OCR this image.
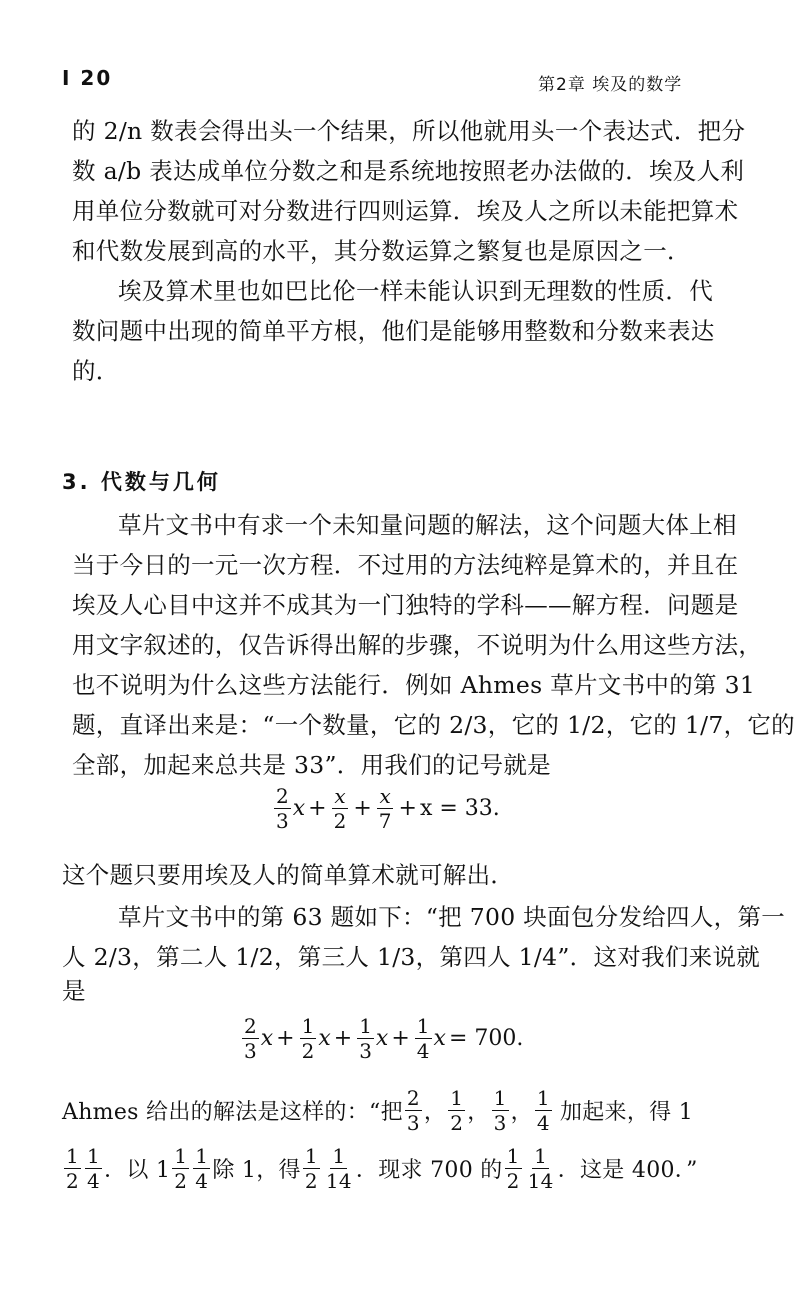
I 20	第2章 埃及的数学
的 2/n 数表会得出头一个结果，所以他就用头一个表达式．把分
数 a/b 表达成单位分数之和是系统地按照老办法做的．埃及人利
用单位分数就可对分数进行四则运算．埃及人之所以未能把算术
和代数发展到高的水平，其分数运算之繁复也是原因之一．
埃及算术里也如巴比伦一样未能认识到无理数的性质．代
数问题中出现的简单平方根，他们是能够用整数和分数来表达
的．
3. 代数与几何
草片文书中有求一个未知量问题的解法，这个问题大体上相
当于今日的一元一次方程．不过用的方法纯粹是算术的，并且在
埃及人心目中这并不成其为一门独特的学科——解方程．问题是
用文字叙述的，仅告诉得出解的步骤，不说明为什么用这些方法，
也不说明为什么这些方法能行．例如 Ahmes 草片文书中的第 31
题，直译出来是：“一个数量，它的 2/3，它的 1/2，它的 1/7，它的
全部，加起来总共是 33”．用我们的记号就是
$\frac{2}{3}$ $x + \frac{x}{2} + \frac{x}{7} + x = 33$.
这个题只要用埃及人的简单算术就可解出．
草片文书中的第 63 题如下：“把 700 块面包分发给四人，第一
人 2/3，第二人 1/2，第三人 1/3，第四人 1/4”．这对我们来说就
是
$\frac{2}{3}$ $x + \frac{1}{2}$ $x + \frac{1}{3}$ $x + \frac{1}{4}$ x = 700.
Ahmes 给出的解法是这样的：“把 $\frac{2}{3}$ ， $\frac{1}{2}$ ， $\frac{1}{3}$ ， $\frac{1}{4}$ 加起来，得 1
$\frac{1}{2} \frac{1}{4}$ ．以 $1 \frac{1}{2} \frac{1}{4}$ 除 1，得 $\frac{1}{2} \frac{1}{14}$ ．现求 700 的 $\frac{1}{2} \frac{1}{14}$ ．这是 400．”
